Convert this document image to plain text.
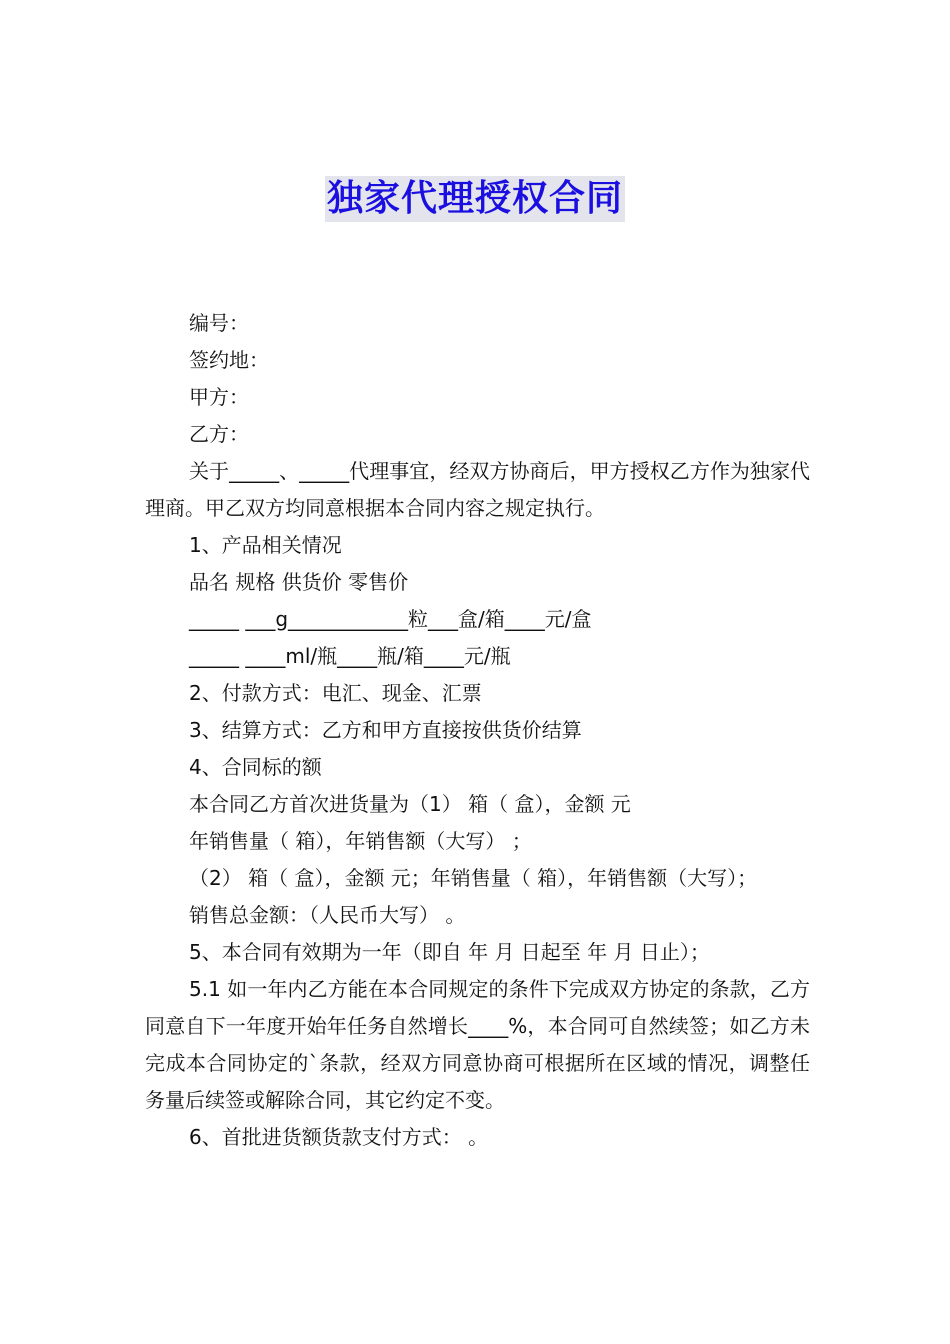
独家代理授权合同

编号：

签约地：

甲方：

乙方：

关于_____、_____代理事宜，经双方协商后，甲方授权乙方作为独家代理商。甲乙双方均同意根据本合同内容之规定执行。

1、产品相关情况

品名 规格 供货价 零售价

_____ ___g____________粒___盒/箱____元/盒

_____ ____ml/瓶____瓶/箱____元/瓶

2、付款方式：电汇、现金、汇票

3、结算方式：乙方和甲方直接按供货价结算

4、合同标的额

本合同乙方首次进货量为（1） 箱（ 盒），金额 元

年销售量（ 箱），年销售额（大写） ；

（2） 箱（ 盒），金额 元；年销售量（ 箱），年销售额（大写）；

销售总金额：（人民币大写） 。

5、本合同有效期为一年（即自 年 月 日起至 年 月 日止）；

5.1 如一年内乙方能在本合同规定的条件下完成双方协定的条款，乙方同意自下一年度开始年任务自然增长____%，本合同可自然续签；如乙方未完成本合同协定的`条款，经双方同意协商可根据所在区域的情况，调整任务量后续签或解除合同，其它约定不变。

6、首批进货额货款支付方式： 。
